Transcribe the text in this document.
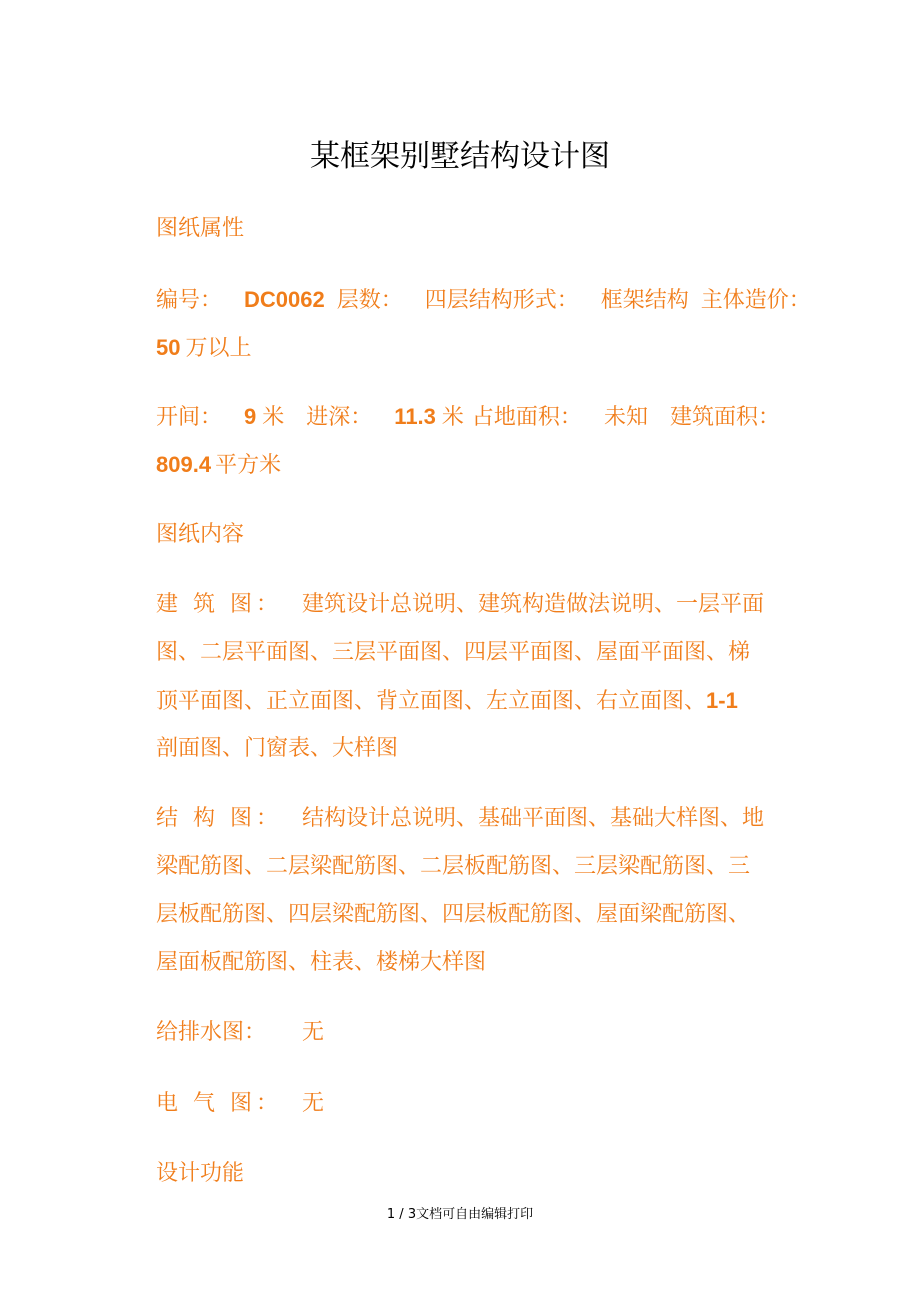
某框架别墅结构设计图

图纸属性

编号： DC0062 层数： 四层结构形式： 框架结构 主体造价：

50 万以上

开间： 9 米 进深： 11.3 米 占地面积： 未知 建筑面积：

809.4 平方米

图纸内容

建 筑 图： 建筑设计总说明、建筑构造做法说明、一层平面

图、二层平面图、三层平面图、四层平面图、屋面平面图、梯

顶平面图、正立面图、背立面图、左立面图、右立面图、1-1

剖面图、门窗表、大样图

结 构 图： 结构设计总说明、基础平面图、基础大样图、地

梁配筋图、二层梁配筋图、二层板配筋图、三层梁配筋图、三

层板配筋图、四层梁配筋图、四层板配筋图、屋面梁配筋图、

屋面板配筋图、柱表、楼梯大样图

给排水图： 无

电 气 图： 无

设计功能

1 / 3文档可自由编辑打印
